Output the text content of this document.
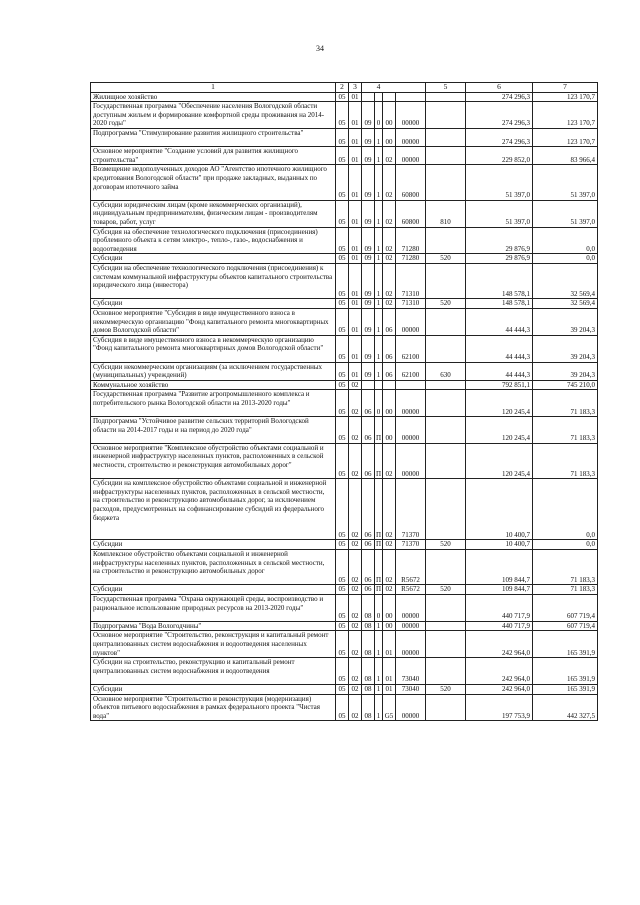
34
1	2	3		4			5	6	7
Жилищное хозяйство	05	01						274 296,3	123 170,7
Государственная программа "Обеспечение населения Вологодской области доступным жильем и формирование комфортной среды проживания на 2014-2020 годы"	05	01	09	0	00	00000		274 296,3	123 170,7
Подпрограмма "Стимулирование развития жилищного строительства"	05	01	09	1	00	00000		274 296,3	123 170,7
Основное мероприятие "Создание условий для развития жилищного строительства"	05	01	09	1	02	00000		229 852,0	83 966,4
Возмещение недополученных доходов АО "Агентство ипотечного жилищного кредитования Вологодской области" при продаже закладных, выданных по договорам ипотечного займа	05	01	09	1	02	60800		51 397,0	51 397,0
Субсидии юридическим лицам (кроме некоммерческих организаций), индивидуальным предпринимателям, физическим лицам - производителям товаров, работ, услуг	05	01	09	1	02	60800	810	51 397,0	51 397,0
Субсидия на обеспечение технологического подключения (присоединения) проблемного объекта к сетям электро-, тепло-, газо-, водоснабжения и водоотведения	05	01	09	1	02	71280		29 876,9	0,0
Субсидии	05	01	09	1	02	71280	520	29 876,9	0,0
Субсидии на обеспечение технологического подключения (присоединения) к системам коммунальной инфраструктуры объектов капитального строительства юридического лица (инвестора)	05	01	09	1	02	71310		148 578,1	32 569,4
Субсидии	05	01	09	1	02	71310	520	148 578,1	32 569,4
Основное мероприятие "Субсидия в виде имущественного взноса в некоммерческую организацию "Фонд капитального ремонта многоквартирных домов Вологодской области"	05	01	09	1	06	00000		44 444,3	39 204,3
Субсидия в виде имущественного взноса в некоммерческую организацию "Фонд капитального ремонта многоквартирных домов Вологодской области"	05	01	09	1	06	62100		44 444,3	39 204,3
Субсидии некоммерческим организациям (за исключением государственных (муниципальных) учреждений)	05	01	09	1	06	62100	630	44 444,3	39 204,3
Коммунальное хозяйство	05	02						792 851,1	745 210,0
Государственная программа "Развитие агропромышленного комплекса и потребительского рынка Вологодской области на 2013-2020 годы"	05	02	06	0	00	00000		120 245,4	71 183,3
Подпрограмма "Устойчивое развитие сельских территорий Вологодской области на 2014-2017 годы и на период до 2020 года"	05	02	06	П	00	00000		120 245,4	71 183,3
Основное мероприятие "Комплексное обустройство объектами социальной и инженерной инфраструктур населенных пунктов, расположенных в сельской местности, строительство и реконструкция автомобильных дорог"	05	02	06	П	02	00000		120 245,4	71 183,3
Субсидии на комплексное обустройство объектами социальной и инженерной инфраструктуры населенных пунктов, расположенных в сельской местности, на строительство и реконструкцию автомобильных дорог, за исключением расходов, предусмотренных на софинансирование субсидий из федерального бюджета	05	02	06	П	02	71370		10 400,7	0,0
Субсидии	05	02	06	П	02	71370	520	10 400,7	0,0
Комплексное обустройство объектами социальной и инженерной инфраструктуры населенных пунктов, расположенных в сельской местности, на строительство и реконструкцию автомобильных дорог	05	02	06	П	02	R5672		109 844,7	71 183,3
Субсидии	05	02	06	П	02	R5672	520	109 844,7	71 183,3
Государственная программа "Охрана окружающей среды, воспроизводство и рациональное использование природных ресурсов на 2013-2020 годы"	05	02	08	0	00	00000		440 717,9	607 719,4
Подпрограмма "Вода Вологодчины"	05	02	08	1	00	00000		440 717,9	607 719,4
Основное мероприятие "Строительство, реконструкция и капитальный ремонт централизованных систем водоснабжения и водоотведения населенных пунктов"	05	02	08	1	01	00000		242 964,0	165 391,9
Субсидии на строительство, реконструкцию и капитальный ремонт централизованных систем водоснабжения и водоотведения	05	02	08	1	01	73040		242 964,0	165 391,9
Субсидии	05	02	08	1	01	73040	520	242 964,0	165 391,9
Основное мероприятие "Строительство и реконструкция (модернизация) объектов питьевого водоснабжения в рамках федерального проекта "Чистая вода"	05	02	08	1	G5	00000		197 753,9	442 327,5
